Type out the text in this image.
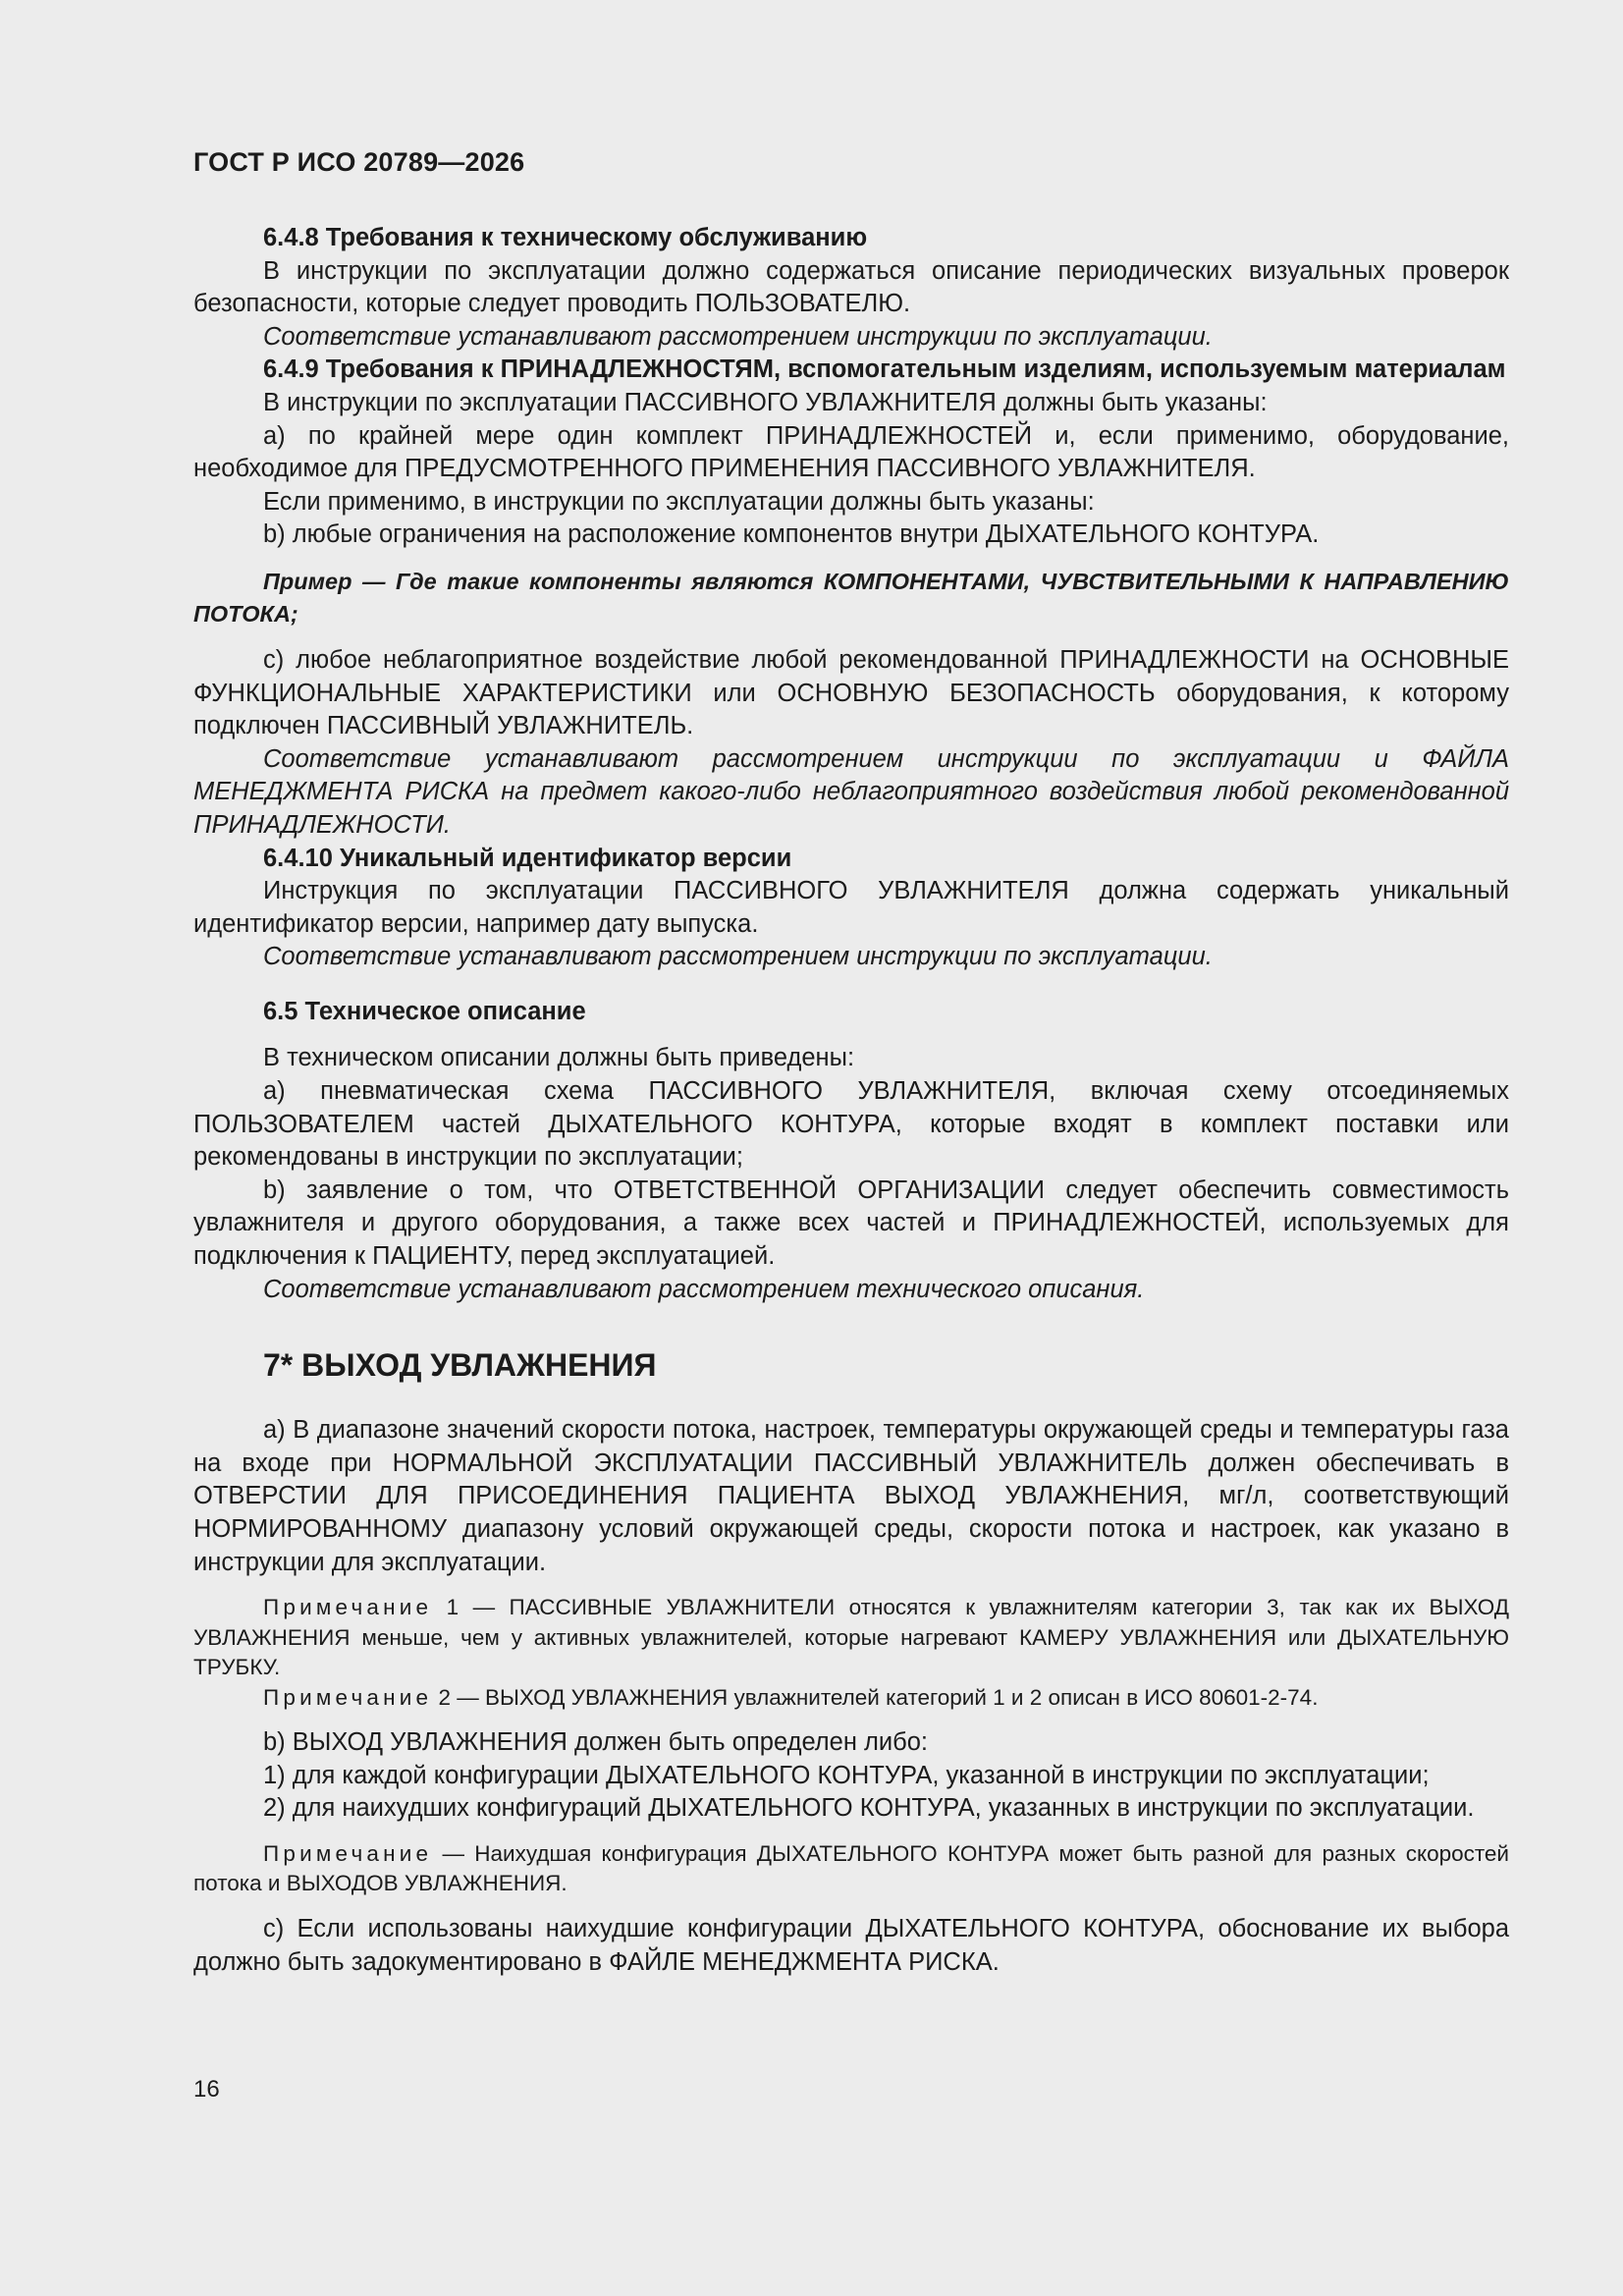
ГОСТ Р ИСО 20789—2026

6.4.8 Требования к техническому обслуживанию

В инструкции по эксплуатации должно содержаться описание периодических визуальных проверок безопасности, которые следует проводить ПОЛЬЗОВАТЕЛЮ.

Соответствие устанавливают рассмотрением инструкции по эксплуатации.

6.4.9 Требования к ПРИНАДЛЕЖНОСТЯМ, вспомогательным изделиям, используемым материалам

В инструкции по эксплуатации ПАССИВНОГО УВЛАЖНИТЕЛЯ должны быть указаны:

a) по крайней мере один комплект ПРИНАДЛЕЖНОСТЕЙ и, если применимо, оборудование, необходимое для ПРЕДУСМОТРЕННОГО ПРИМЕНЕНИЯ ПАССИВНОГО УВЛАЖНИТЕЛЯ.

Если применимо, в инструкции по эксплуатации должны быть указаны:

b) любые ограничения на расположение компонентов внутри ДЫХАТЕЛЬНОГО КОНТУРА.

Пример — Где такие компоненты являются КОМПОНЕНТАМИ, ЧУВСТВИТЕЛЬНЫМИ К НАПРАВЛЕНИЮ ПОТОКА;

с) любое неблагоприятное воздействие любой рекомендованной ПРИНАДЛЕЖНОСТИ на ОСНОВНЫЕ ФУНКЦИОНАЛЬНЫЕ ХАРАКТЕРИСТИКИ или ОСНОВНУЮ БЕЗОПАСНОСТЬ оборудования, к которому подключен ПАССИВНЫЙ УВЛАЖНИТЕЛЬ.

Соответствие устанавливают рассмотрением инструкции по эксплуатации и ФАЙЛА МЕНЕДЖМЕНТА РИСКА на предмет какого-либо неблагоприятного воздействия любой рекомендованной ПРИНАДЛЕЖНОСТИ.

6.4.10 Уникальный идентификатор версии

Инструкция по эксплуатации ПАССИВНОГО УВЛАЖНИТЕЛЯ должна содержать уникальный идентификатор версии, например дату выпуска.

Соответствие устанавливают рассмотрением инструкции по эксплуатации.

6.5 Техническое описание

В техническом описании должны быть приведены:

a) пневматическая схема ПАССИВНОГО УВЛАЖНИТЕЛЯ, включая схему отсоединяемых ПОЛЬЗОВАТЕЛЕМ частей ДЫХАТЕЛЬНОГО КОНТУРА, которые входят в комплект поставки или рекомендованы в инструкции по эксплуатации;

b) заявление о том, что ОТВЕТСТВЕННОЙ ОРГАНИЗАЦИИ следует обеспечить совместимость увлажнителя и другого оборудования, а также всех частей и ПРИНАДЛЕЖНОСТЕЙ, используемых для подключения к ПАЦИЕНТУ, перед эксплуатацией.

Соответствие устанавливают рассмотрением технического описания.

7* ВЫХОД УВЛАЖНЕНИЯ

a) В диапазоне значений скорости потока, настроек, температуры окружающей среды и температуры газа на входе при НОРМАЛЬНОЙ ЭКСПЛУАТАЦИИ ПАССИВНЫЙ УВЛАЖНИТЕЛЬ должен обеспечивать в ОТВЕРСТИИ ДЛЯ ПРИСОЕДИНЕНИЯ ПАЦИЕНТА ВЫХОД УВЛАЖНЕНИЯ, мг/л, соответствующий НОРМИРОВАННОМУ диапазону условий окружающей среды, скорости потока и настроек, как указано в инструкции для эксплуатации.

Примечание 1 — ПАССИВНЫЕ УВЛАЖНИТЕЛИ относятся к увлажнителям категории 3, так как их ВЫХОД УВЛАЖНЕНИЯ меньше, чем у активных увлажнителей, которые нагревают КАМЕРУ УВЛАЖНЕНИЯ или ДЫХАТЕЛЬНУЮ ТРУБКУ.

Примечание 2 — ВЫХОД УВЛАЖНЕНИЯ увлажнителей категорий 1 и 2 описан в ИСО 80601-2-74.

b) ВЫХОД УВЛАЖНЕНИЯ должен быть определен либо:

1) для каждой конфигурации ДЫХАТЕЛЬНОГО КОНТУРА, указанной в инструкции по эксплуатации;

2) для наихудших конфигураций ДЫХАТЕЛЬНОГО КОНТУРА, указанных в инструкции по эксплуатации.

Примечание — Наихудшая конфигурация ДЫХАТЕЛЬНОГО КОНТУРА может быть разной для разных скоростей потока и ВЫХОДОВ УВЛАЖНЕНИЯ.

с) Если использованы наихудшие конфигурации ДЫХАТЕЛЬНОГО КОНТУРА, обоснование их выбора должно быть задокументировано в ФАЙЛЕ МЕНЕДЖМЕНТА РИСКА.

16
